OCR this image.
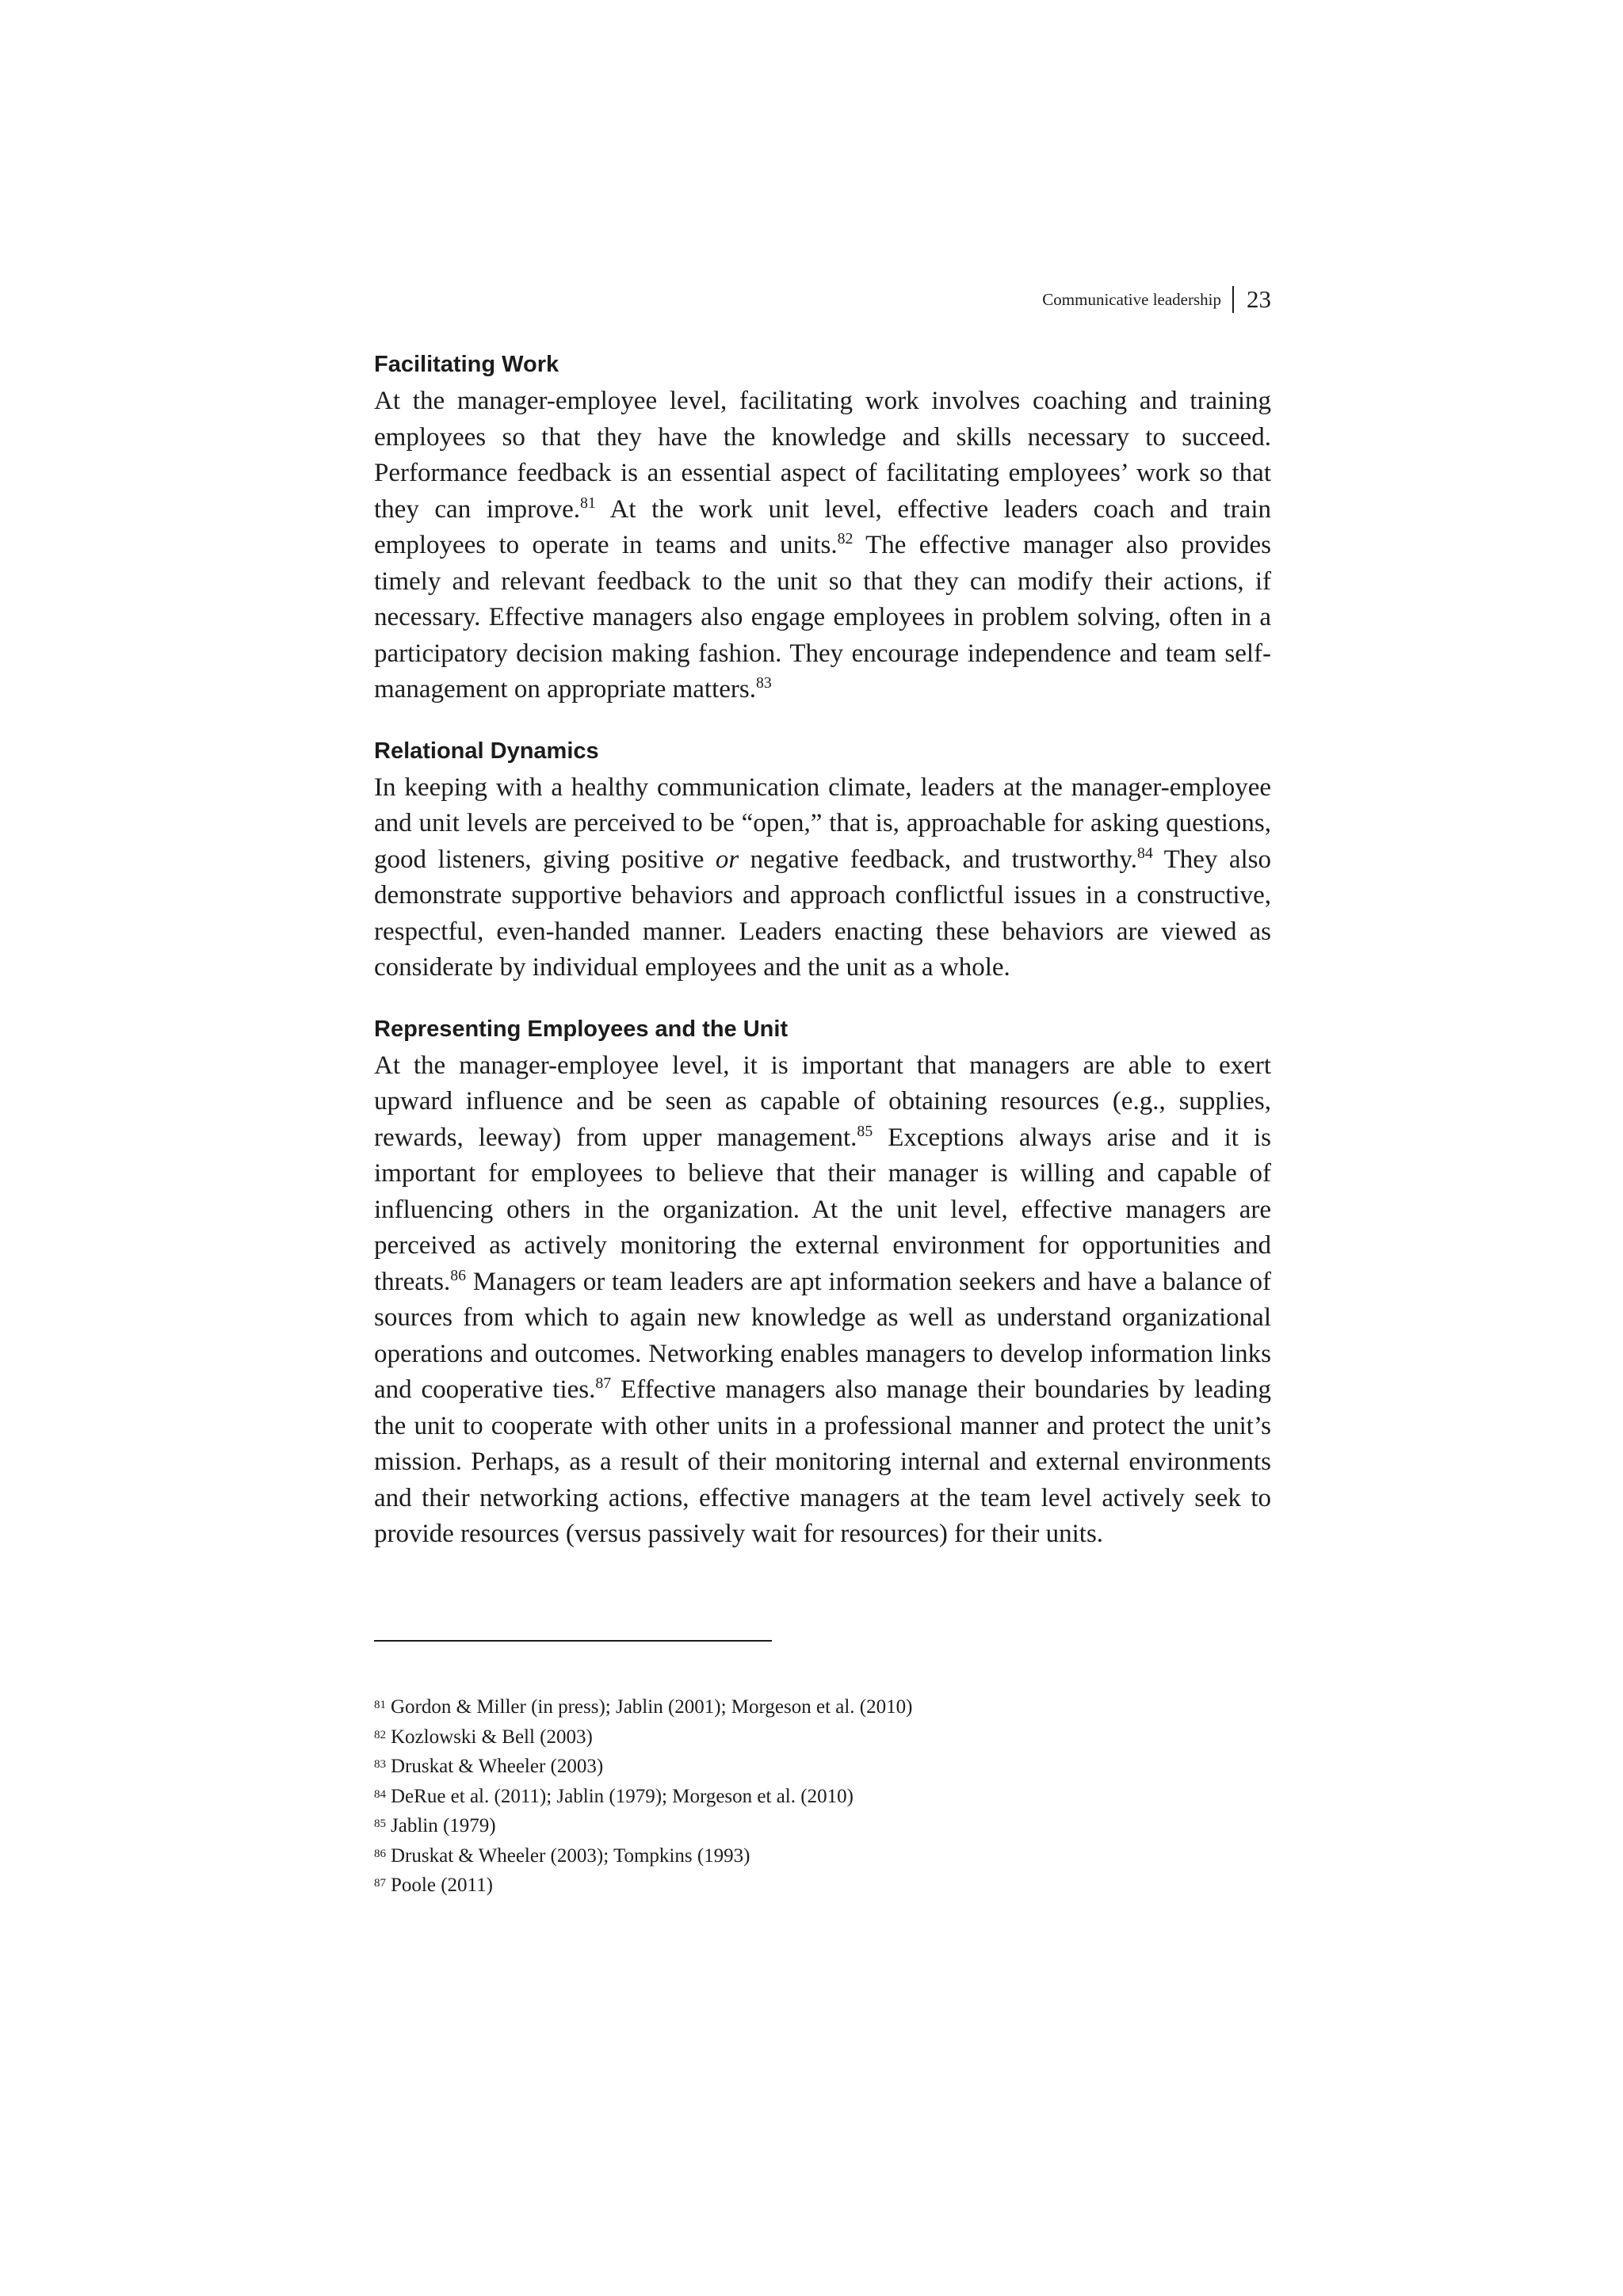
Communicative leadership 23
Facilitating Work

At the manager-employee level, facilitating work involves coaching and training employees so that they have the knowledge and skills necessary to succeed. Performance feedback is an essential aspect of facilitating employees’ work so that they can improve.$^{81}$ At the work unit level, effective leaders coach and train employees to operate in teams and units.$^{82}$ The effective manager also provides timely and relevant feedback to the unit so that they can modify their actions, if necessary. Effective managers also engage employees in problem solving, often in a participatory decision making fashion. They encourage independence and team self-management on appropriate matters.$^{83}$

Relational Dynamics

In keeping with a healthy communication climate, leaders at the manager-employee and unit levels are perceived to be “open,” that is, approachable for asking questions, good listeners, giving positive or negative feedback, and trustworthy.$^{84}$ They also demonstrate supportive behaviors and approach conflictful issues in a constructive, respectful, even-handed manner. Leaders enacting these behaviors are viewed as considerate by individual employees and the unit as a whole.

Representing Employees and the Unit

At the manager-employee level, it is important that managers are able to exert upward influence and be seen as capable of obtaining resources (e.g., supplies, rewards, leeway) from upper management.$^{85}$ Exceptions always arise and it is important for employees to believe that their manager is willing and capable of influencing others in the organization. At the unit level, effective managers are perceived as actively monitoring the external environment for opportunities and threats.$^{86}$ Managers or team leaders are apt information seekers and have a balance of sources from which to again new knowledge as well as understand organizational operations and outcomes. Networking enables managers to develop information links and cooperative ties.$^{87}$ Effective managers also manage their boundaries by leading the unit to cooperate with other units in a professional manner and protect the unit’s mission. Perhaps, as a result of their monitoring internal and external environments and their networking actions, effective managers at the team level actively seek to provide resources (versus passively wait for resources) for their units.

$^{81}$ Gordon & Miller (in press); Jablin (2001); Morgeson et al. (2010)
$^{82}$ Kozlowski & Bell (2003)
$^{83}$ Druskat & Wheeler (2003)
$^{84}$ DeRue et al. (2011); Jablin (1979); Morgeson et al. (2010)
$^{85}$ Jablin (1979)
$^{86}$ Druskat & Wheeler (2003); Tompkins (1993)
$^{87}$ Poole (2011)
